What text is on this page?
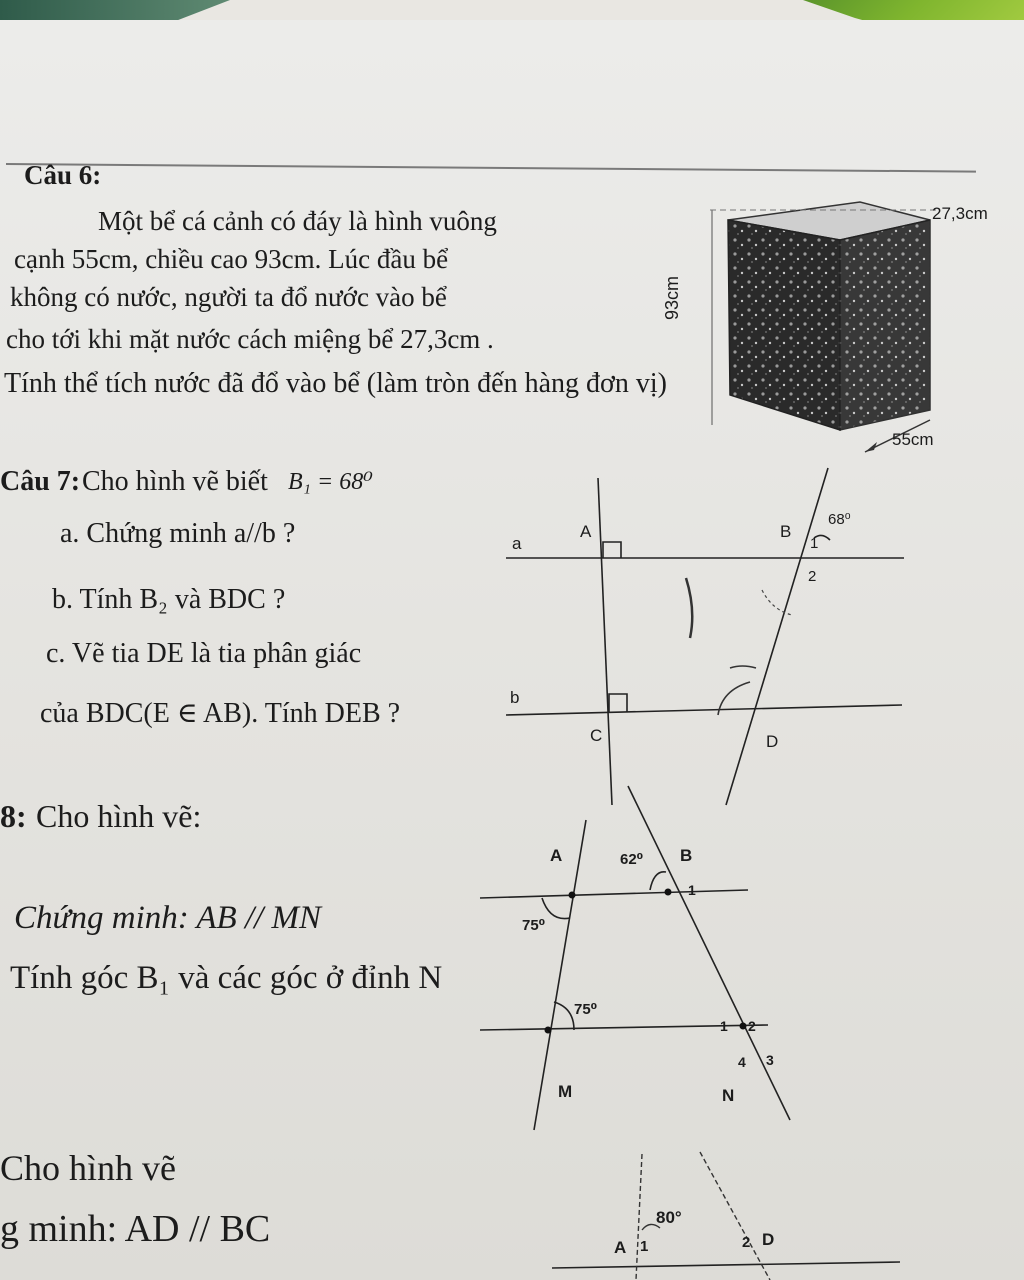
Câu 6:
Một bể cá cảnh có đáy là hình vuông
cạnh 55cm, chiều cao 93cm. Lúc đầu bể
không có nước, người ta đổ nước vào bể
cho tới khi mặt nước cách miệng bể 27,3cm .
Tính thể tích nước đã đổ vào bể (làm tròn đến hàng đơn vị)
27,3cm
93cm
55cm
Câu 7: Cho hình vẽ biết B₁ = 68⁰
a. Chứng minh a//b ?
b. Tính B₂ và BDC ?
c. Vẽ tia DE là tia phân giác
của BDC(E ∈ AB). Tính DEB ?
a
A	B
68⁰
1
2
b
C	D
8: Cho hình vẽ:
Chứng minh: AB // MN
Tính góc B₁ và các góc ở đỉnh N
A	62⁰ B
1
75⁰
75⁰
1 2
3
4
M	N
Cho hình vẽ
g minh: AD // BC	A 1
80°
2 D
